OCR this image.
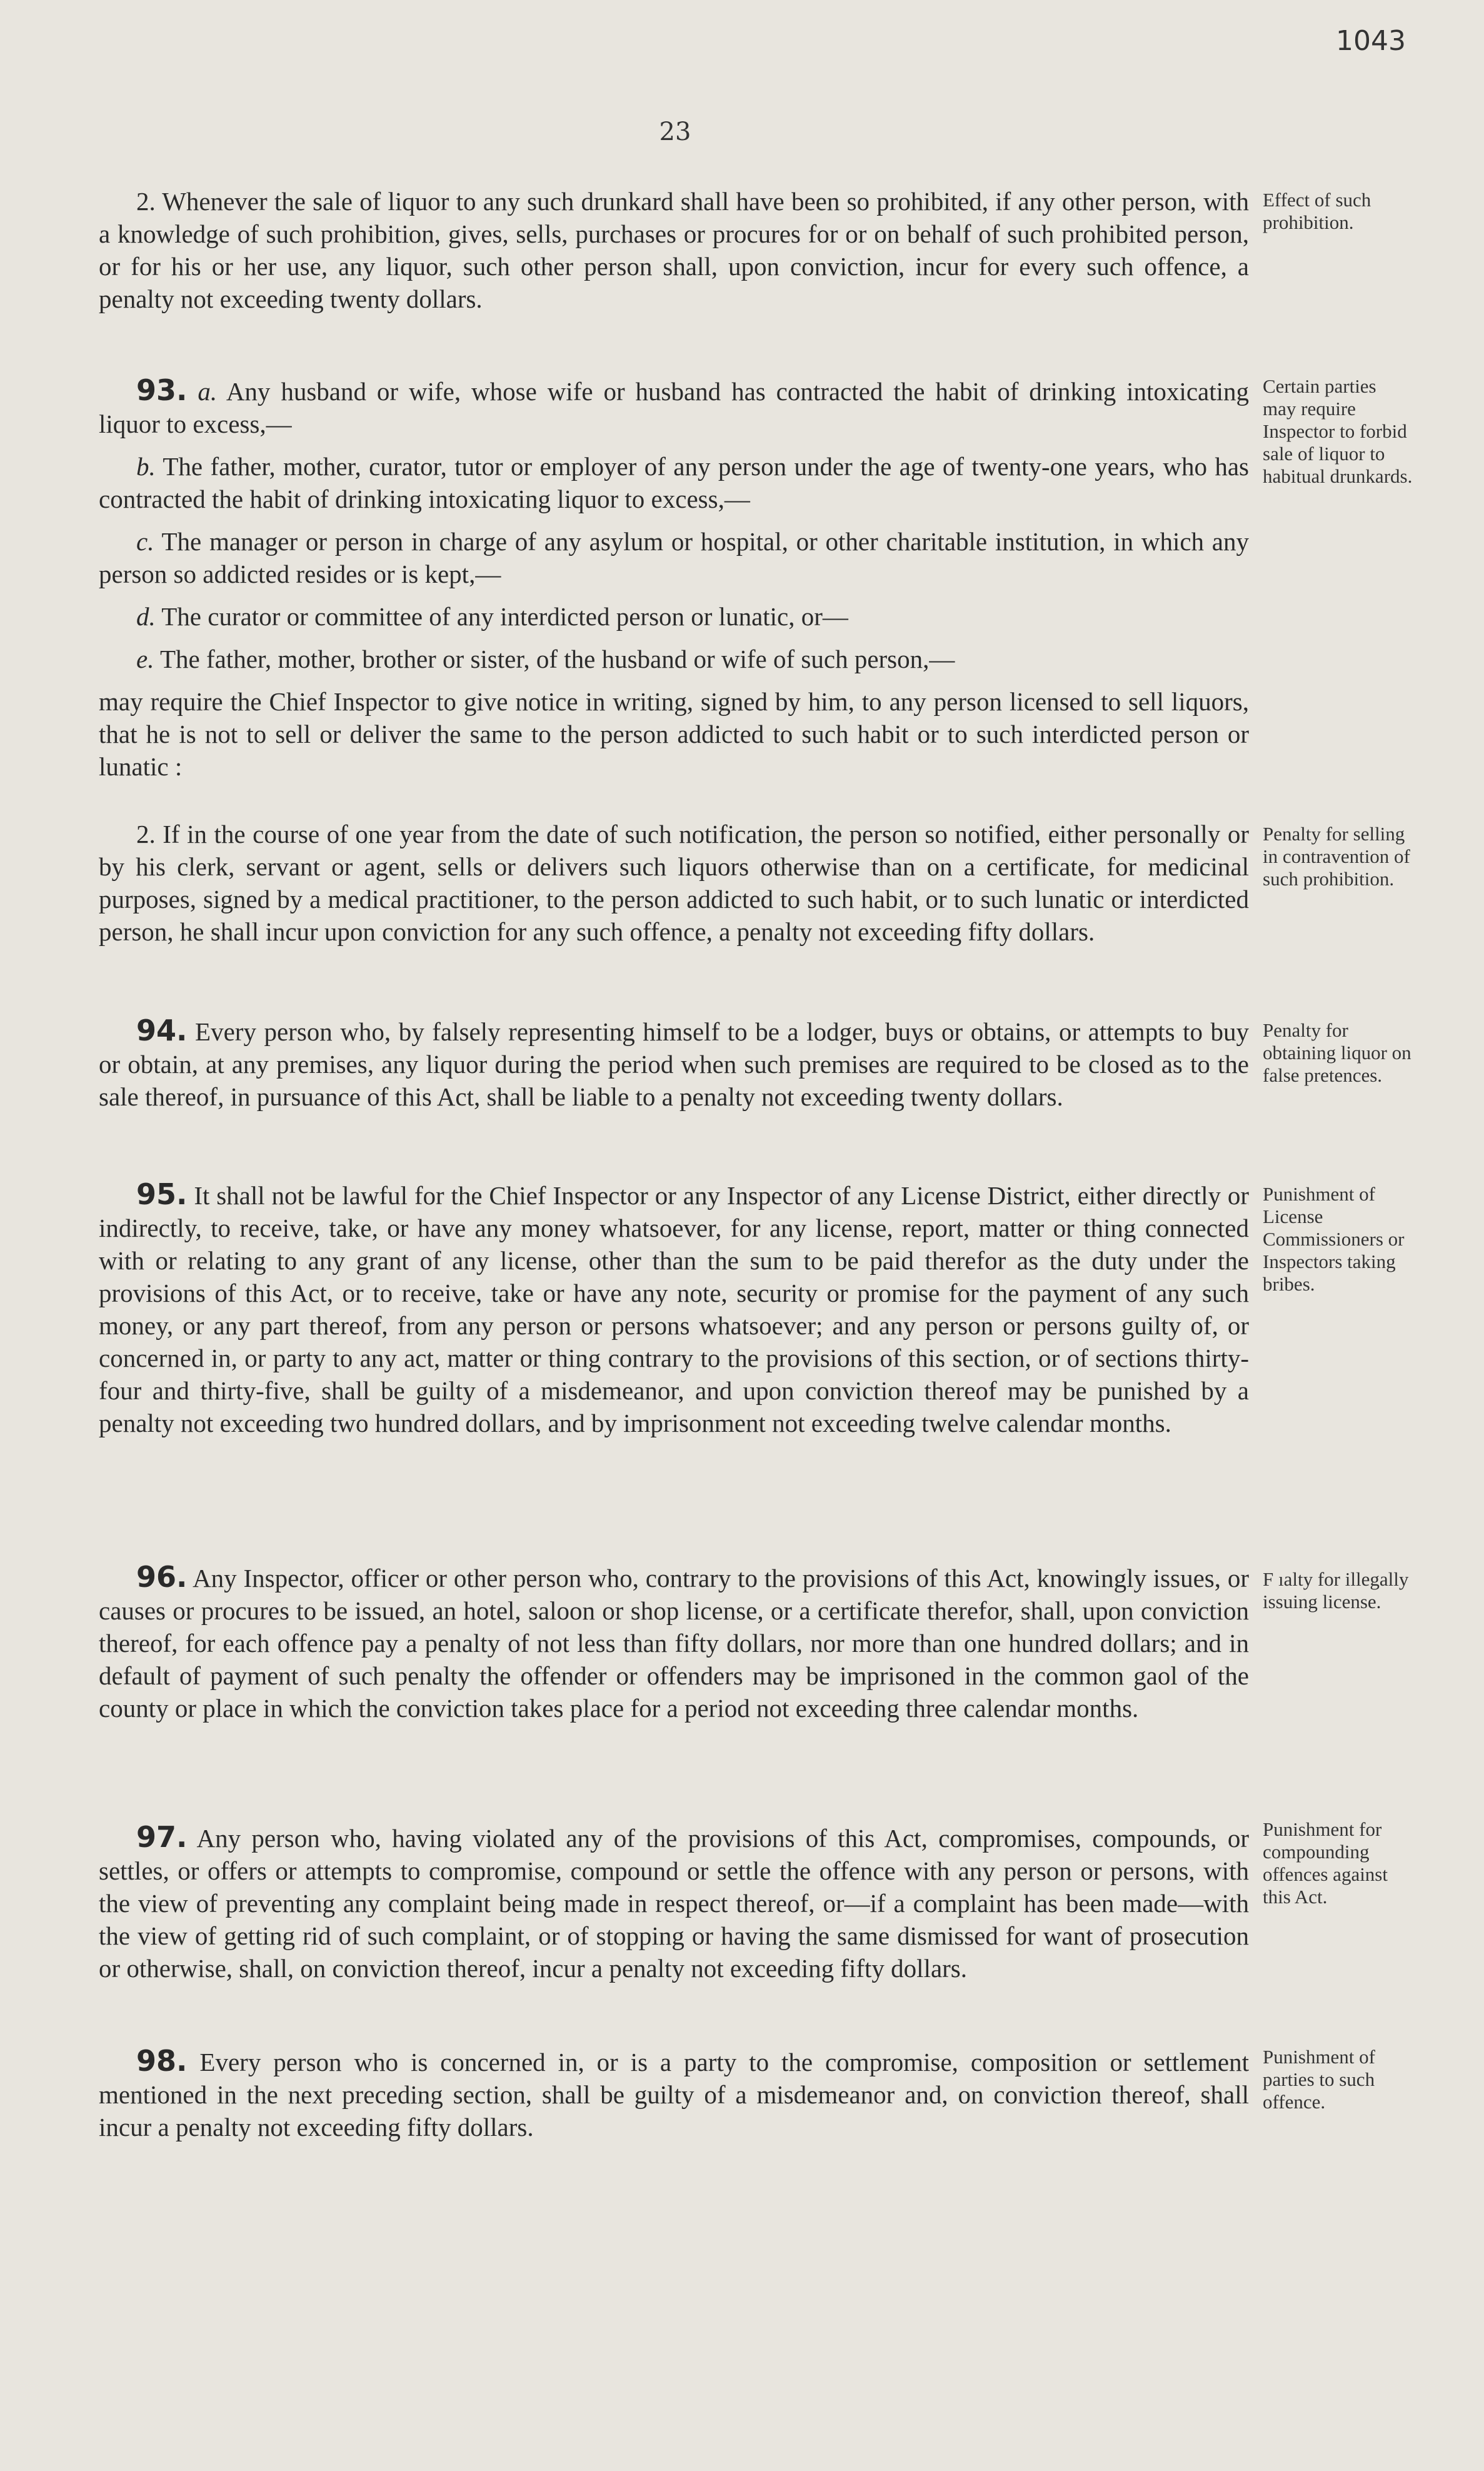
1043
23

2. Whenever the sale of liquor to any such drunkard shall have been so prohibited, if any other person, with a knowledge of such prohibition, gives, sells, purchases or procures for or on behalf of such prohibited person, or for his or her use, any liquor, such other person shall, upon conviction, incur for every such offence, a penalty not exceeding twenty dollars.

Effect of such prohibition.

93. a. Any husband or wife, whose wife or husband has contracted the habit of drinking intoxicating liquor to excess,—

b. The father, mother, curator, tutor or employer of any person under the age of twenty-one years, who has contracted the habit of drinking intoxicating liquor to excess,—

c. The manager or person in charge of any asylum or hospital, or other charitable institution, in which any person so addicted resides or is kept,—

d. The curator or committee of any interdicted person or lunatic, or—

e. The father, mother, brother or sister, of the husband or wife of such person,—

may require the Chief Inspector to give notice in writing, signed by him, to any person licensed to sell liquors, that he is not to sell or deliver the same to the person addicted to such habit or to such interdicted person or lunatic :

Certain parties may require Inspector to forbid sale of liquor to habitual drunkards.

2. If in the course of one year from the date of such notification, the person so notified, either personally or by his clerk, servant or agent, sells or delivers such liquors otherwise than on a certificate, for medicinal purposes, signed by a medical practitioner, to the person addicted to such habit, or to such lunatic or interdicted person, he shall incur upon conviction for any such offence, a penalty not exceeding fifty dollars.

Penalty for selling in contravention of such prohibition.

94. Every person who, by falsely representing himself to be a lodger, buys or obtains, or attempts to buy or obtain, at any premises, any liquor during the period when such premises are required to be closed as to the sale thereof, in pursuance of this Act, shall be liable to a penalty not exceeding twenty dollars.

Penalty for obtaining liquor on false pretences.

95. It shall not be lawful for the Chief Inspector or any Inspector of any License District, either directly or indirectly, to receive, take, or have any money whatsoever, for any license, report, matter or thing connected with or relating to any grant of any license, other than the sum to be paid therefor as the duty under the provisions of this Act, or to receive, take or have any note, security or promise for the payment of any such money, or any part thereof, from any person or persons whatsoever; and any person or persons guilty of, or concerned in, or party to any act, matter or thing contrary to the provisions of this section, or of sections thirty-four and thirty-five, shall be guilty of a misdemeanor, and upon conviction thereof may be punished by a penalty not exceeding two hundred dollars, and by imprisonment not exceeding twelve calendar months.

Punishment of License Commissioners or Inspectors taking bribes.

96. Any Inspector, officer or other person who, contrary to the provisions of this Act, knowingly issues, or causes or procures to be issued, an hotel, saloon or shop license, or a certificate therefor, shall, upon conviction thereof, for each offence pay a penalty of not less than fifty dollars, nor more than one hundred dollars; and in default of payment of such penalty the offender or offenders may be imprisoned in the common gaol of the county or place in which the conviction takes place for a period not exceeding three calendar months.

F ıalty for illegally issuing license.

97. Any person who, having violated any of the provisions of this Act, compromises, compounds, or settles, or offers or attempts to compromise, compound or settle the offence with any person or persons, with the view of preventing any complaint being made in respect thereof, or—if a complaint has been made—with the view of getting rid of such complaint, or of stopping or having the same dismissed for want of prosecution or otherwise, shall, on conviction thereof, incur a penalty not exceeding fifty dollars.

Punishment for compounding offences against this Act.

98. Every person who is concerned in, or is a party to the compromise, composition or settlement mentioned in the next preceding section, shall be guilty of a misdemeanor and, on conviction thereof, shall incur a penalty not exceeding fifty dollars.

Punishment of parties to such offence.
